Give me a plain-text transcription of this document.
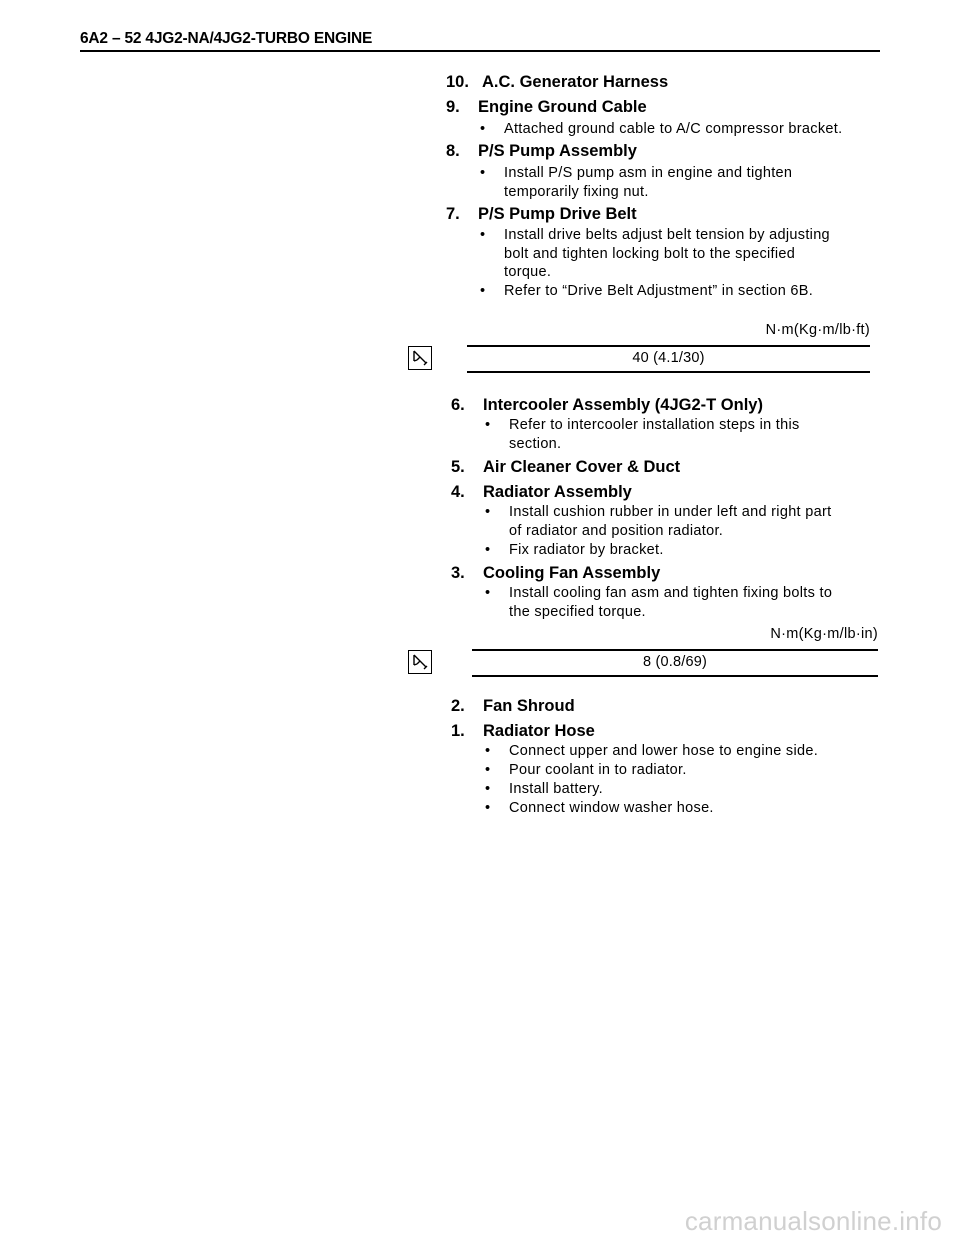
6A2 – 52 4JG2-NA/4JG2-TURBO ENGINE
10. A.C. Generator Harness
9. Engine Ground Cable
•	Attached ground cable to A/C compressor bracket.
8. P/S Pump Assembly
•	Install P/S pump asm in engine and tighten
temporarily fixing nut.
7. P/S Pump Drive Belt
•	Install drive belts adjust belt tension by adjusting
bolt and tighten locking bolt to the specified
torque.
•	Refer to “Drive Belt Adjustment” in section 6B.
N·m(Kg·m/lb·ft)
40 (4.1/30)
6. Intercooler Assembly (4JG2-T Only)
•	Refer to intercooler installation steps in this
section.
5. Air Cleaner Cover & Duct
4. Radiator Assembly
•	Install cushion rubber in under left and right part
of radiator and position radiator.
•	Fix radiator by bracket.
3. Cooling Fan Assembly
•	Install cooling fan asm and tighten fixing bolts to
the specified torque.
N·m(Kg·m/lb·in)
8 (0.8/69)
2. Fan Shroud
1. Radiator Hose
•	Connect upper and lower hose to engine side.
•	Pour coolant in to radiator.
•	Install battery.
•	Connect window washer hose.
carmanualsonline.info
